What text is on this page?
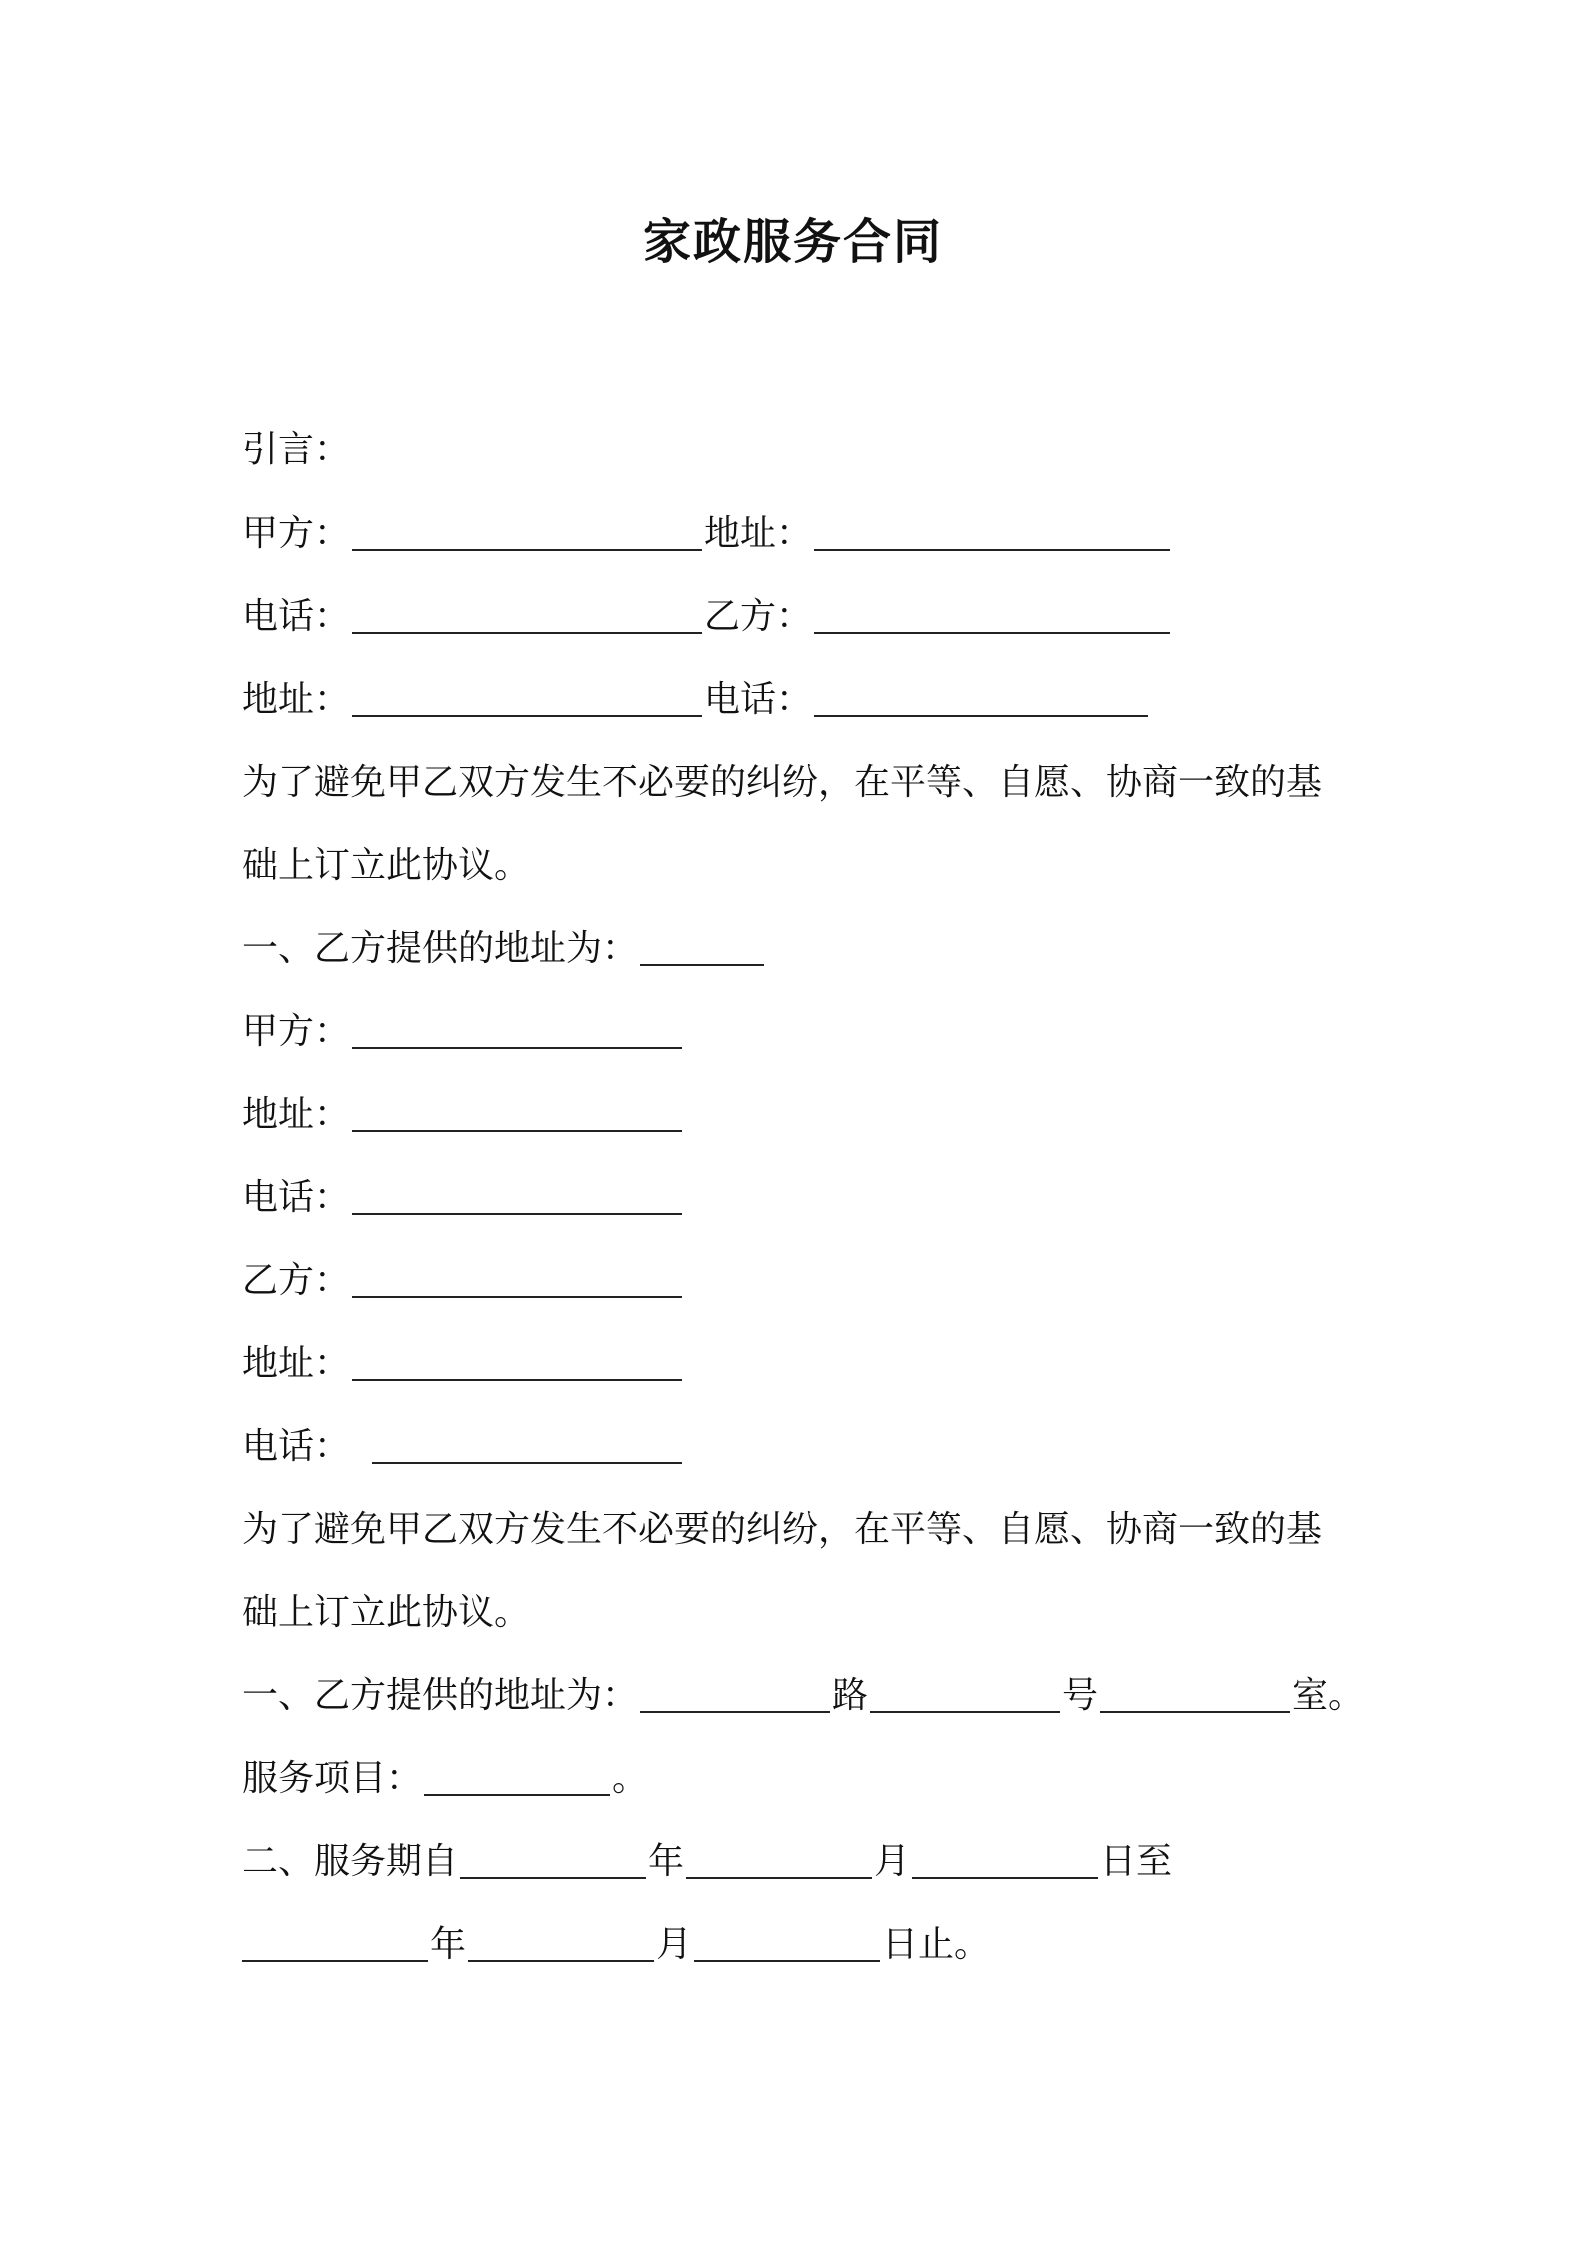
家政服务合同
引言：
甲方：	地址：
电话：	乙方：
地址：	电话：
为了避免甲乙双方发生不必要的纠纷，在平等、自愿、协商一致的基
础上订立此协议。
一、乙方提供的地址为：
甲方：
地址：
电话：
乙方：
地址：
电话：
为了避免甲乙双方发生不必要的纠纷，在平等、自愿、协商一致的基
础上订立此协议。
一、乙方提供的地址为：	路	号	室。
服务项目：	。
二、服务期自	年	月	日至
年	月	日止。
